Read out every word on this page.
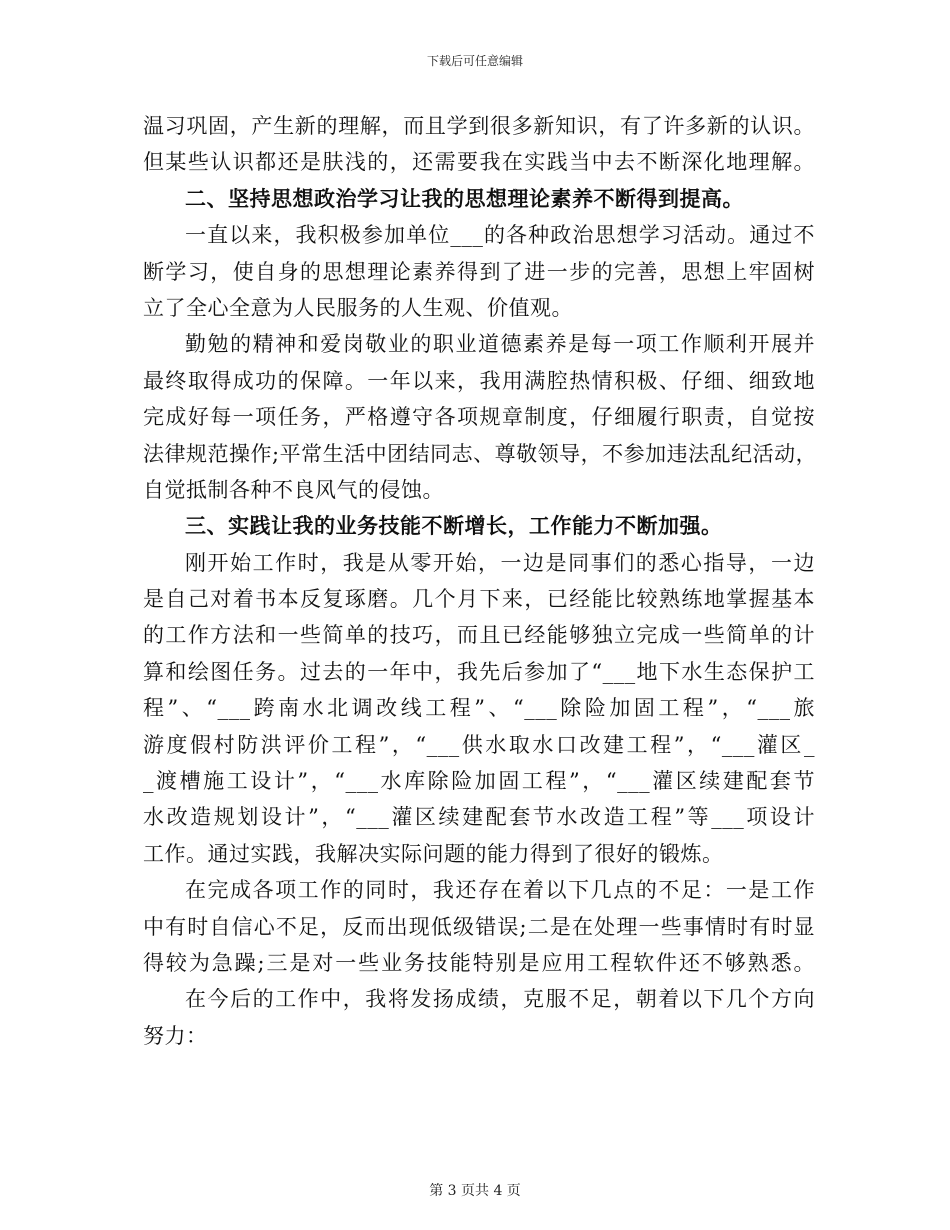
下载后可任意编辑
温习巩固，产生新的理解，而且学到很多新知识，有了许多新的认识。
但某些认识都还是肤浅的，还需要我在实践当中去不断深化地理解。
二、坚持思想政治学习让我的思想理论素养不断得到提高。
一直以来，我积极参加单位___的各种政治思想学习活动。通过不
断学习，使自身的思想理论素养得到了进一步的完善，思想上牢固树
立了全心全意为人民服务的人生观、价值观。
勤勉的精神和爱岗敬业的职业道德素养是每一项工作顺利开展并
最终取得成功的保障。一年以来，我用满腔热情积极、仔细、细致地
完成好每一项任务，严格遵守各项规章制度，仔细履行职责，自觉按
法律规范操作;平常生活中团结同志、尊敬领导，不参加违法乱纪活动，
自觉抵制各种不良风气的侵蚀。
三、实践让我的业务技能不断增长，工作能力不断加强。
刚开始工作时，我是从零开始，一边是同事们的悉心指导，一边
是自己对着书本反复琢磨。几个月下来，已经能比较熟练地掌握基本
的工作方法和一些简单的技巧，而且已经能够独立完成一些简单的计
算和绘图任务。过去的一年中，我先后参加了“___地下水生态保护工
程”、“___跨南水北调改线工程”、“___除险加固工程”，“___旅
游度假村防洪评价工程”，“___供水取水口改建工程”，“___灌区_
_渡槽施工设计”，“___水库除险加固工程”，“___灌区续建配套节
水改造规划设计”，“___灌区续建配套节水改造工程”等___项设计
工作。通过实践，我解决实际问题的能力得到了很好的锻炼。
在完成各项工作的同时，我还存在着以下几点的不足：一是工作
中有时自信心不足，反而出现低级错误;二是在处理一些事情时有时显
得较为急躁;三是对一些业务技能特别是应用工程软件还不够熟悉。
在今后的工作中，我将发扬成绩，克服不足，朝着以下几个方向
努力：
第 3 页共 4 页
